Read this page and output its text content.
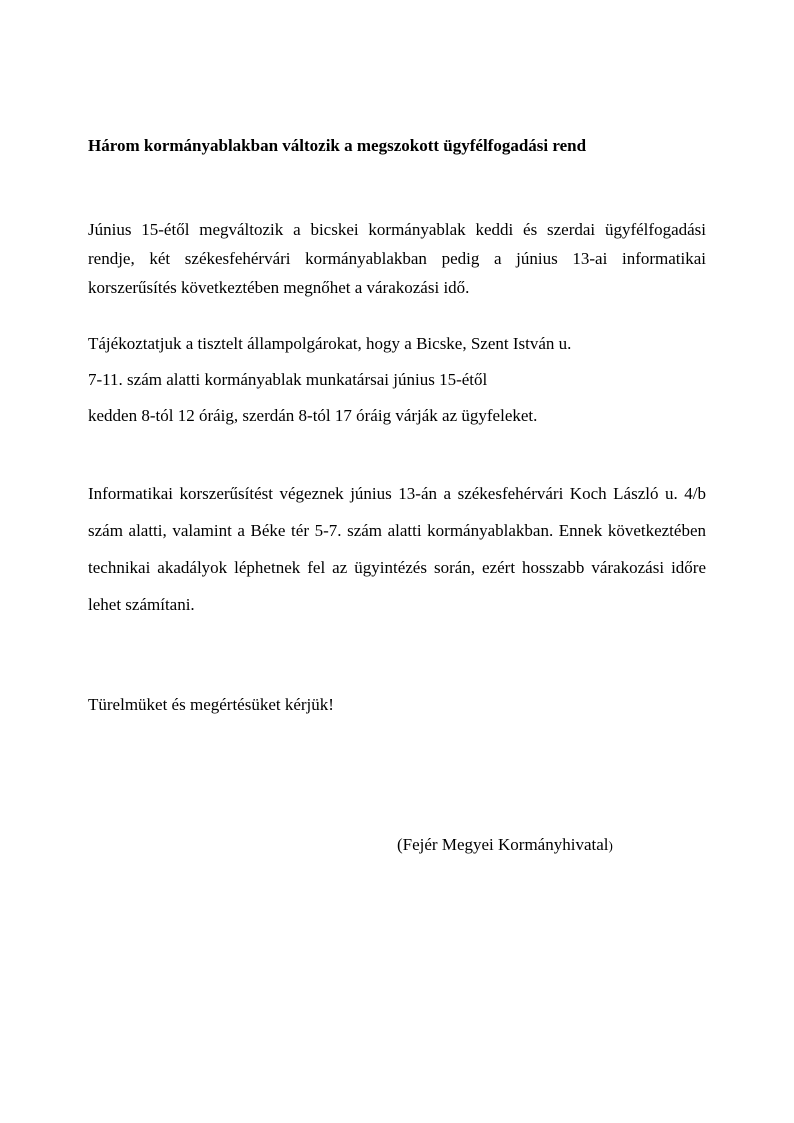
Három kormányablakban változik a megszokott ügyfélfogadási rend

Június 15-étől megváltozik a bicskei kormányablak keddi és szerdai ügyfélfogadási rendje, két székesfehérvári kormányablakban pedig a június 13-ai informatikai korszerűsítés következtében megnőhet a várakozási idő.

Tájékoztatjuk a tisztelt állampolgárokat, hogy a Bicske, Szent István u.
7-11. szám alatti kormányablak munkatársai június 15-étől
kedden 8-tól 12 óráig, szerdán 8-tól 17 óráig várják az ügyfeleket.

Informatikai korszerűsítést végeznek június 13-án a székesfehérvári Koch László u. 4/b szám alatti, valamint a Béke tér 5-7. szám alatti kormányablakban. Ennek következtében technikai akadályok léphetnek fel az ügyintézés során, ezért hosszabb várakozási időre lehet számítani.

Türelmüket és megértésüket kérjük!

(Fejér Megyei Kormányhivatal)
